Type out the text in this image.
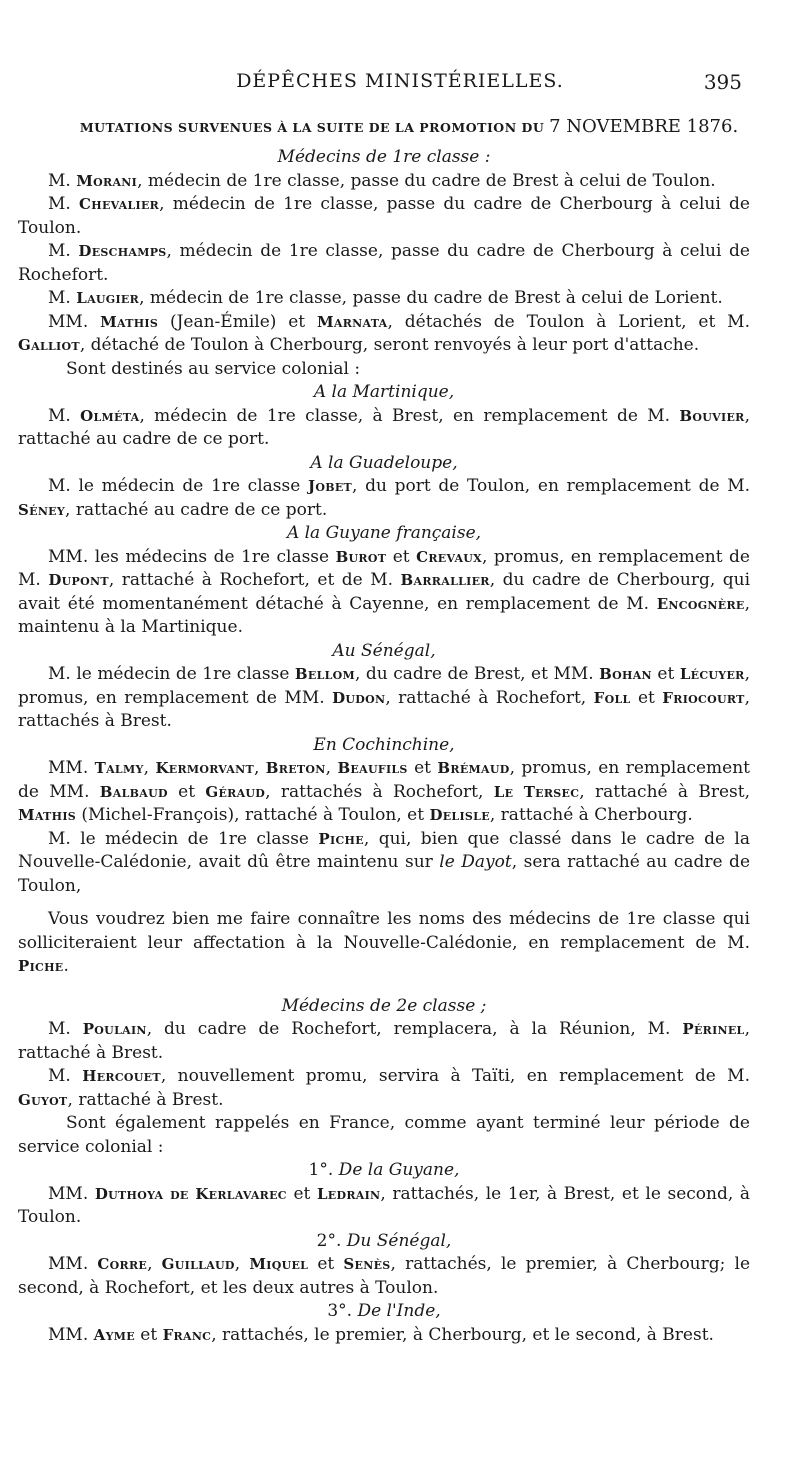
DÉPÊCHES MINISTÉRIELLES.	395
MUTATIONS SURVENUES À LA SUITE DE LA PROMOTION DU 7 NOVEMBRE 1876.

Médecins de 1re classe :

M. Morani, médecin de 1re classe, passe du cadre de Brest à celui de Toulon.

M. Chevalier, médecin de 1re classe, passe du cadre de Cherbourg à celui de Toulon.

M. Deschamps, médecin de 1re classe, passe du cadre de Cherbourg à celui de Rochefort.

M. Laugier, médecin de 1re classe, passe du cadre de Brest à celui de Lorient.

MM. Mathis (Jean-Émile) et Marnata, détachés de Toulon à Lorient, et M. Galliot, détaché de Toulon à Cherbourg, seront renvoyés à leur port d'attache.

Sont destinés au service colonial :

A la Martinique,

M. Olméta, médecin de 1re classe, à Brest, en remplacement de M. Bouvier, rattaché au cadre de ce port.

A la Guadeloupe,

M. le médecin de 1re classe Jobet, du port de Toulon, en remplacement de M. Séney, rattaché au cadre de ce port.

A la Guyane française,

MM. les médecins de 1re classe Burot et Crevaux, promus, en remplacement de M. Dupont, rattaché à Rochefort, et de M. Barrallier, du cadre de Cherbourg, qui avait été momentanément détaché à Cayenne, en remplacement de M. Encognère, maintenu à la Martinique.

Au Sénégal,

M. le médecin de 1re classe Bellom, du cadre de Brest, et MM. Bohan et Lécuyer, promus, en remplacement de MM. Dudon, rattaché à Rochefort, Foll et Friocourt, rattachés à Brest.

En Cochinchine,

MM. Talmy, Kermorvant, Breton, Beaufils et Brémaud, promus, en remplacement de MM. Balbaud et Géraud, rattachés à Rochefort, Le Tersec, rattaché à Brest, Mathis (Michel-François), rattaché à Toulon, et Delisle, rattaché à Cherbourg.

M. le médecin de 1re classe Piche, qui, bien que classé dans le cadre de la Nouvelle-Calédonie, avait dû être maintenu sur le Dayot, sera rattaché au cadre de Toulon,

Vous voudrez bien me faire connaître les noms des médecins de 1re classe qui solliciteraient leur affectation à la Nouvelle-Calédonie, en remplacement de M. Piche.

Médecins de 2e classe ;

M. Poulain, du cadre de Rochefort, remplacera, à la Réunion, M. Périnel, rattaché à Brest.

M. Hercouet, nouvellement promu, servira à Taïti, en remplacement de M. Guyot, rattaché à Brest.

Sont également rappelés en France, comme ayant terminé leur période de service colonial :

1°. De la Guyane,

MM. Duthoya de Kerlavarec et Ledrain, rattachés, le 1er, à Brest, et le second, à Toulon.

2°. Du Sénégal,

MM. Corre, Guillaud, Miquel et Senès, rattachés, le premier, à Cherbourg; le second, à Rochefort, et les deux autres à Toulon.

3°. De l'Inde,

MM. Ayme et Franc, rattachés, le premier, à Cherbourg, et le second, à Brest.
